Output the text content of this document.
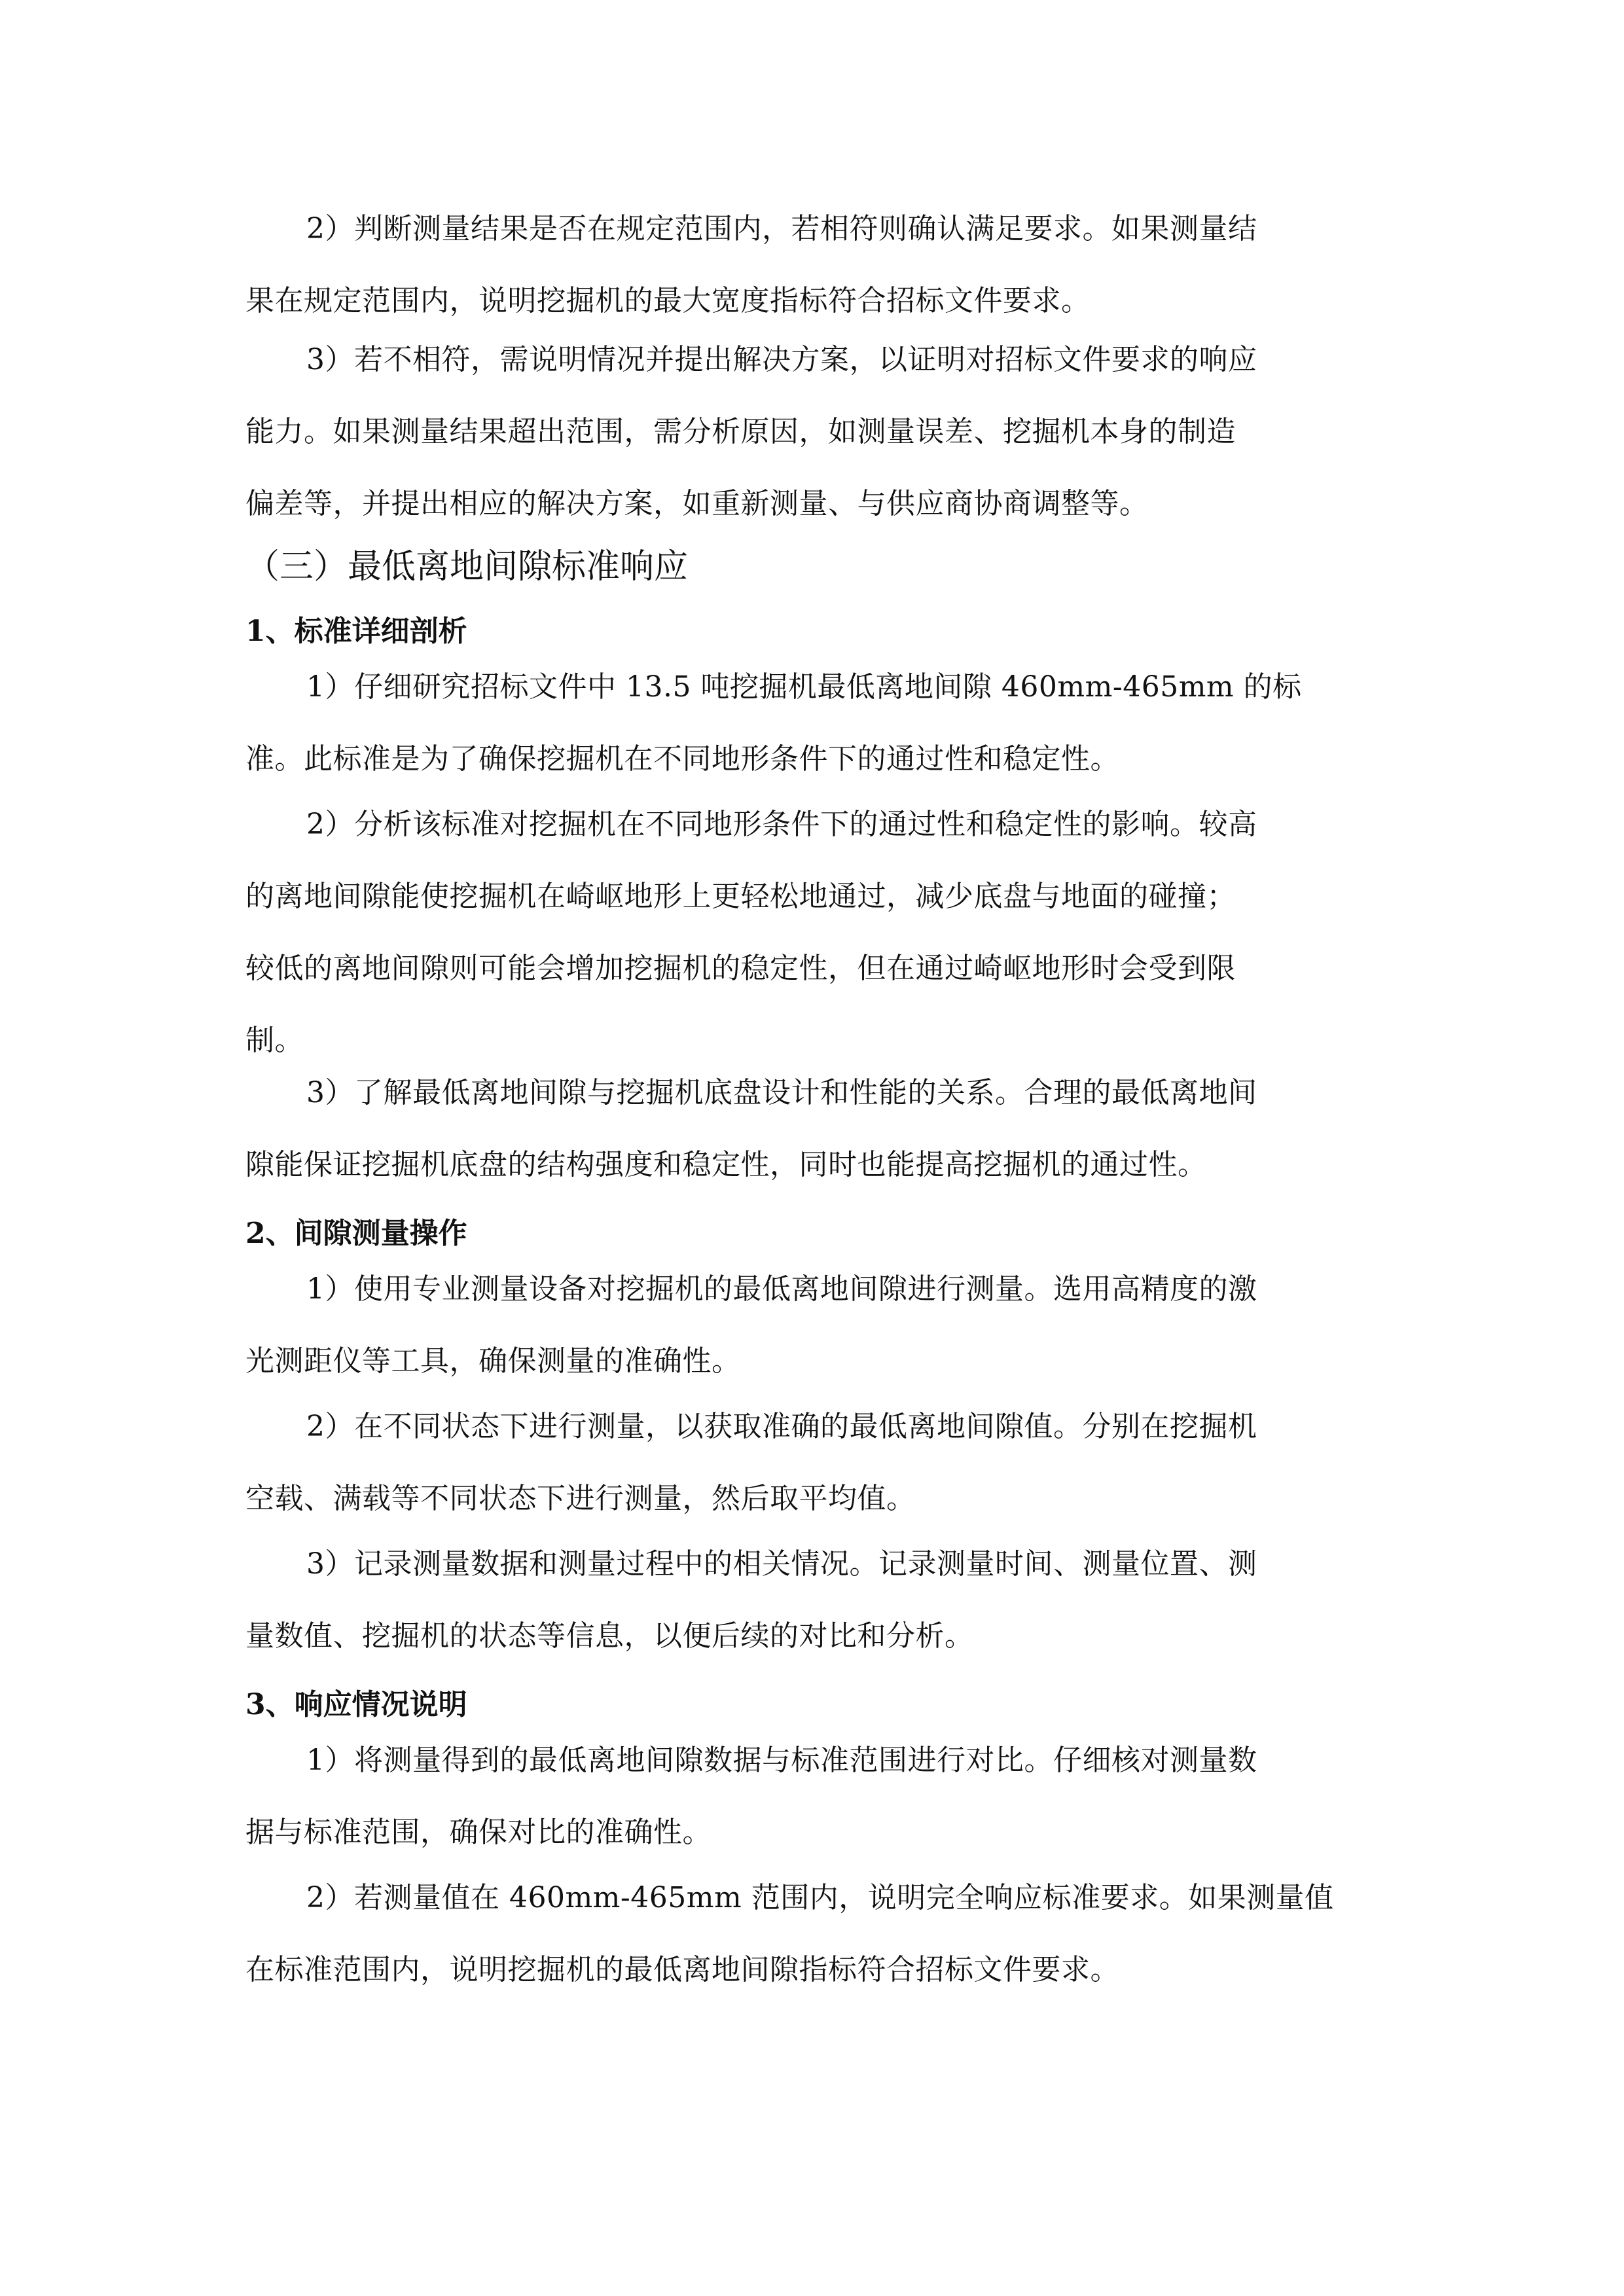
2）判断测量结果是否在规定范围内，若相符则确认满足要求。如果测量结
果在规定范围内，说明挖掘机的最大宽度指标符合招标文件要求。
3）若不相符，需说明情况并提出解决方案，以证明对招标文件要求的响应
能力。如果测量结果超出范围，需分析原因，如测量误差、挖掘机本身的制造
偏差等，并提出相应的解决方案，如重新测量、与供应商协商调整等。
（三）最低离地间隙标准响应
1、标准详细剖析
1）仔细研究招标文件中 13.5 吨挖掘机最低离地间隙 460mm-465mm 的标
准。此标准是为了确保挖掘机在不同地形条件下的通过性和稳定性。
2）分析该标准对挖掘机在不同地形条件下的通过性和稳定性的影响。较高
的离地间隙能使挖掘机在崎岖地形上更轻松地通过，减少底盘与地面的碰撞；
较低的离地间隙则可能会增加挖掘机的稳定性，但在通过崎岖地形时会受到限
制。
3）了解最低离地间隙与挖掘机底盘设计和性能的关系。合理的最低离地间
隙能保证挖掘机底盘的结构强度和稳定性，同时也能提高挖掘机的通过性。
2、间隙测量操作
1）使用专业测量设备对挖掘机的最低离地间隙进行测量。选用高精度的激
光测距仪等工具，确保测量的准确性。
2）在不同状态下进行测量，以获取准确的最低离地间隙值。分别在挖掘机
空载、满载等不同状态下进行测量，然后取平均值。
3）记录测量数据和测量过程中的相关情况。记录测量时间、测量位置、测
量数值、挖掘机的状态等信息，以便后续的对比和分析。
3、响应情况说明
1）将测量得到的最低离地间隙数据与标准范围进行对比。仔细核对测量数
据与标准范围，确保对比的准确性。
2）若测量值在 460mm-465mm 范围内，说明完全响应标准要求。如果测量值
在标准范围内，说明挖掘机的最低离地间隙指标符合招标文件要求。
